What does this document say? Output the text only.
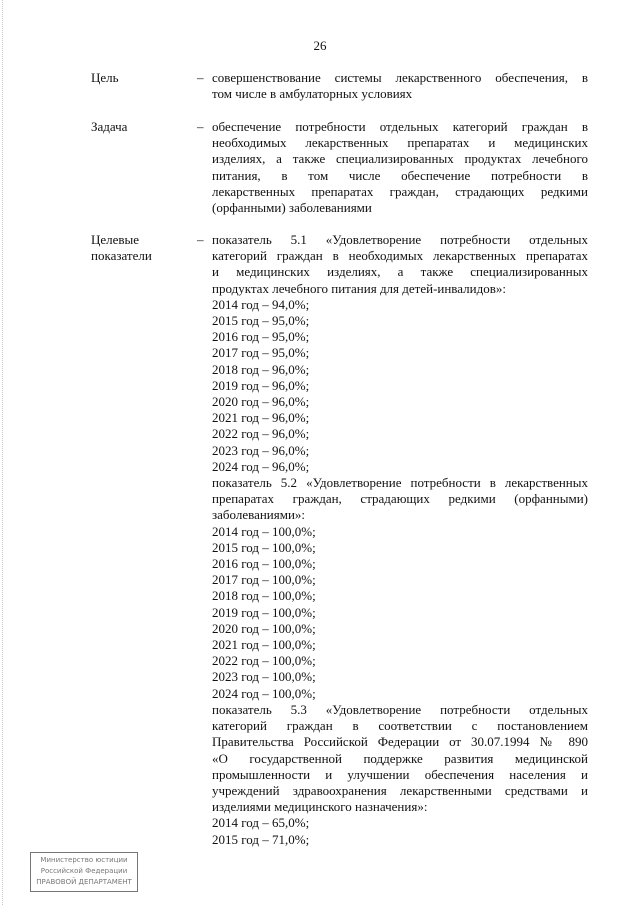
26
Цель	– совершенствование системы лекарственного обеспечения, в
том числе в амбулаторных условиях
Задача	– обеспечение потребности отдельных категорий граждан в
необходимых лекарственных препаратах и медицинских
изделиях, а также специализированных продуктах лечебного
питания, в том числе обеспечение потребности в
лекарственных препаратах граждан, страдающих редкими
(орфанными) заболеваниями
Целевые
показатели
– показатель 5.1 «Удовлетворение потребности отдельных
категорий граждан в необходимых лекарственных препаратах
и медицинских изделиях, а также специализированных
продуктах лечебного питания для детей-инвалидов»:
2014 год – 94,0%;
2015 год – 95,0%;
2016 год – 95,0%;
2017 год – 95,0%;
2018 год – 96,0%;
2019 год – 96,0%;
2020 год – 96,0%;
2021 год – 96,0%;
2022 год – 96,0%;
2023 год – 96,0%;
2024 год – 96,0%;
показатель 5.2 «Удовлетворение потребности в лекарственных
препаратах граждан, страдающих редкими (орфанными)
заболеваниями»:
2014 год – 100,0%;
2015 год – 100,0%;
2016 год – 100,0%;
2017 год – 100,0%;
2018 год – 100,0%;
2019 год – 100,0%;
2020 год – 100,0%;
2021 год – 100,0%;
2022 год – 100,0%;
2023 год – 100,0%;
2024 год – 100,0%;
показатель 5.3 «Удовлетворение потребности отдельных
категорий граждан в соответствии с постановлением
Правительства Российской Федерации от 30.07.1994 № 890
«О государственной поддержке развития медицинской
промышленности и улучшении обеспечения населения и
учреждений здравоохранения лекарственными средствами и
изделиями медицинского назначения»:
2014 год – 65,0%;
2015 год – 71,0%;
Министерство юстиции
Российской Федерации
ПРАВОВОЙ ДЕПАРТАМЕНТ
